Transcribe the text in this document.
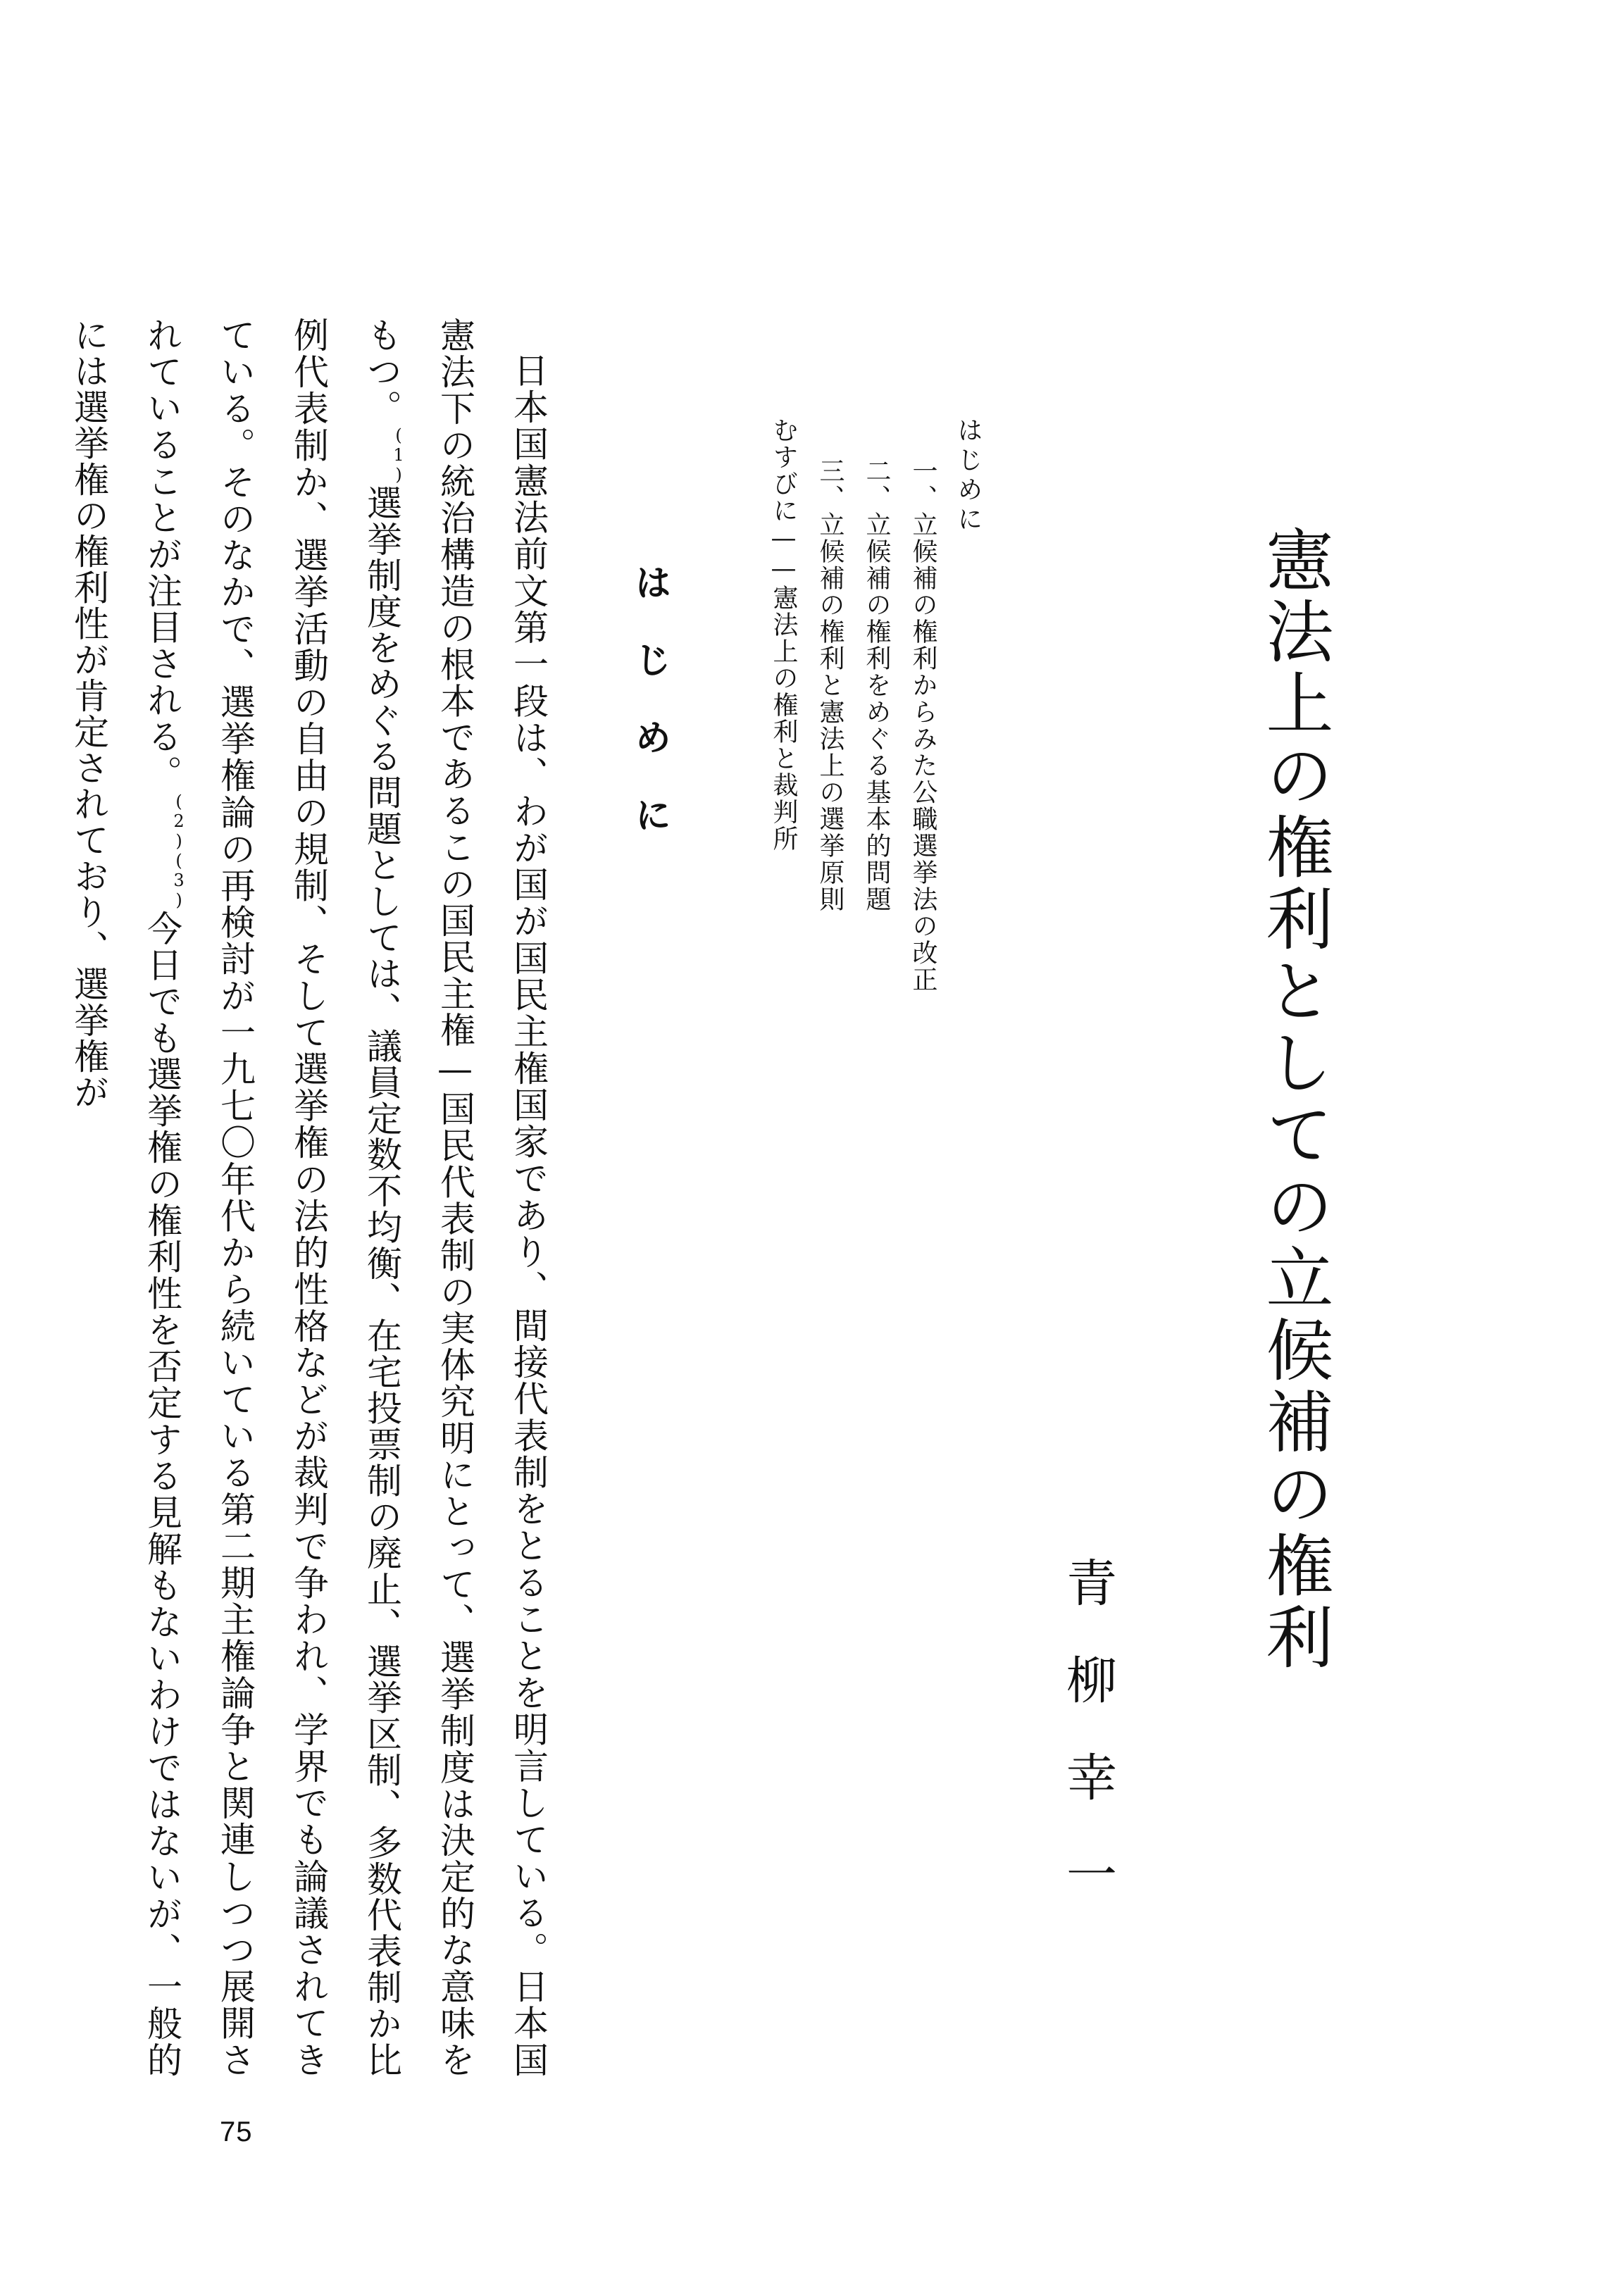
憲法上の権利としての立候補の権利
青柳幸一
はじめに
一、立候補の権利からみた公職選挙法の改正
二、立候補の権利をめぐる基本的問題
三、立候補の権利と憲法上の選挙原則
むすびに——憲法上の権利と裁判所
はじめに

日本国憲法前文第一段は、わが国が国民主権国家であり、間接代表制をとることを明言している。日本国憲法下の統治構造の根本であるこの国民主権—国民代表制の実体究明にとって、選挙制度は決定的な意味をもつ。(1)選挙制度をめぐる問題としては、議員定数不均衡、在宅投票制の廃止、選挙区制、多数代表制か比例代表制か、選挙活動の自由の規制、そして選挙権の法的性格などが裁判で争われ、学界でも論議されてきている。そのなかで、選挙権論の再検討が一九七〇年代から続いている第二期主権論争と関連しつつ展開されていることが注目される。(2)(3)今日でも選挙権の権利性を否定する見解もないわけではないが、一般的には選挙権の権利性が肯定されており、選挙権が

75
